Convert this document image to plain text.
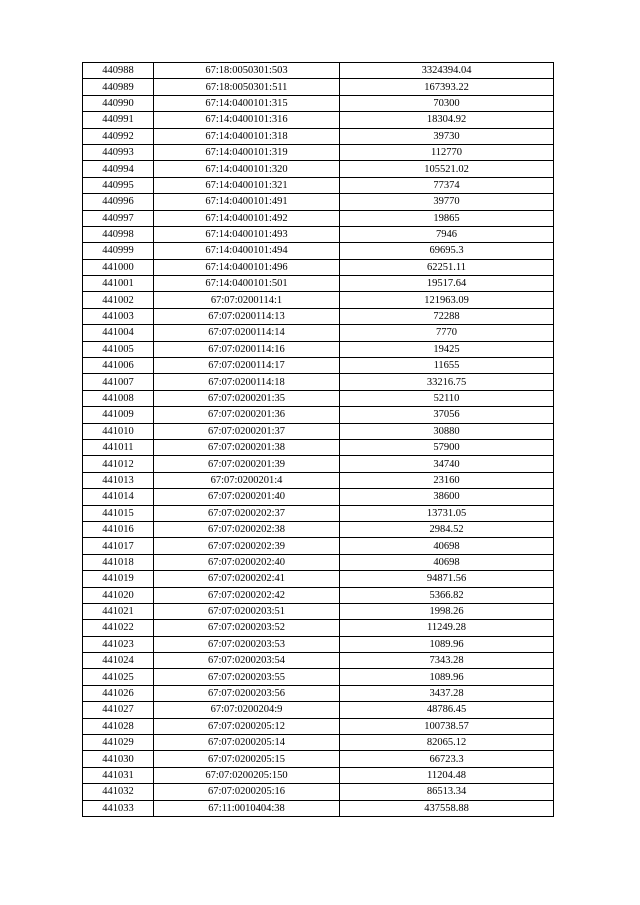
440988	67:18:0050301:503	3324394.04
440989	67:18:0050301:511	167393.22
440990	67:14:0400101:315	70300
440991	67:14:0400101:316	18304.92
440992	67:14:0400101:318	39730
440993	67:14:0400101:319	112770
440994	67:14:0400101:320	105521.02
440995	67:14:0400101:321	77374
440996	67:14:0400101:491	39770
440997	67:14:0400101:492	19865
440998	67:14:0400101:493	7946
440999	67:14:0400101:494	69695.3
441000	67:14:0400101:496	62251.11
441001	67:14:0400101:501	19517.64
441002	67:07:0200114:1	121963.09
441003	67:07:0200114:13	72288
441004	67:07:0200114:14	7770
441005	67:07:0200114:16	19425
441006	67:07:0200114:17	11655
441007	67:07:0200114:18	33216.75
441008	67:07:0200201:35	52110
441009	67:07:0200201:36	37056
441010	67:07:0200201:37	30880
441011	67:07:0200201:38	57900
441012	67:07:0200201:39	34740
441013	67:07:0200201:4	23160
441014	67:07:0200201:40	38600
441015	67:07:0200202:37	13731.05
441016	67:07:0200202:38	2984.52
441017	67:07:0200202:39	40698
441018	67:07:0200202:40	40698
441019	67:07:0200202:41	94871.56
441020	67:07:0200202:42	5366.82
441021	67:07:0200203:51	1998.26
441022	67:07:0200203:52	11249.28
441023	67:07:0200203:53	1089.96
441024	67:07:0200203:54	7343.28
441025	67:07:0200203:55	1089.96
441026	67:07:0200203:56	3437.28
441027	67:07:0200204:9	48786.45
441028	67:07:0200205:12	100738.57
441029	67:07:0200205:14	82065.12
441030	67:07:0200205:15	66723.3
441031	67:07:0200205:150	11204.48
441032	67:07:0200205:16	86513.34
441033	67:11:0010404:38	437558.88
